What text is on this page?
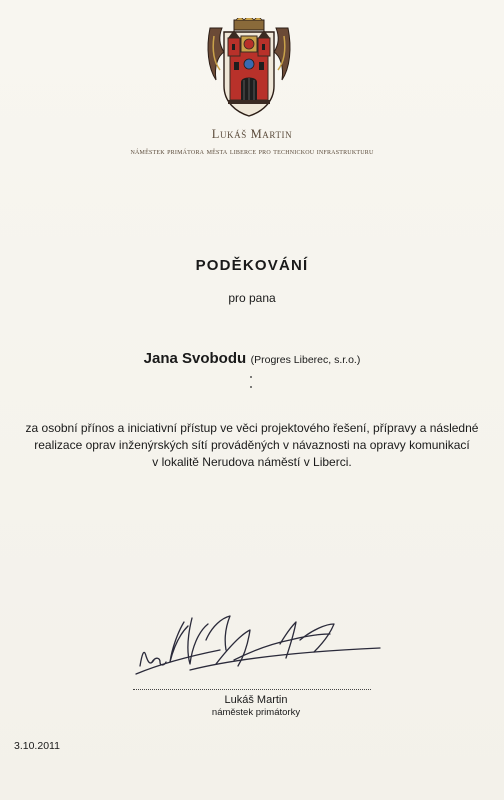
Lukáš Martin
náměstek primátora města liberce pro technickou infrastrukturu
PODĚKOVÁNÍ
pro pana
Jana Svobodu (Progres Liberec, s.r.o.)
za osobní přínos a iniciativní přístup ve věci projektového řešení, přípravy a následné
realizace oprav inženýrských sítí prováděných v návaznosti na opravy komunikací
v lokalitě Nerudova náměstí v Liberci.
Lukáš Martin
náměstek primátorky
3.10.2011
